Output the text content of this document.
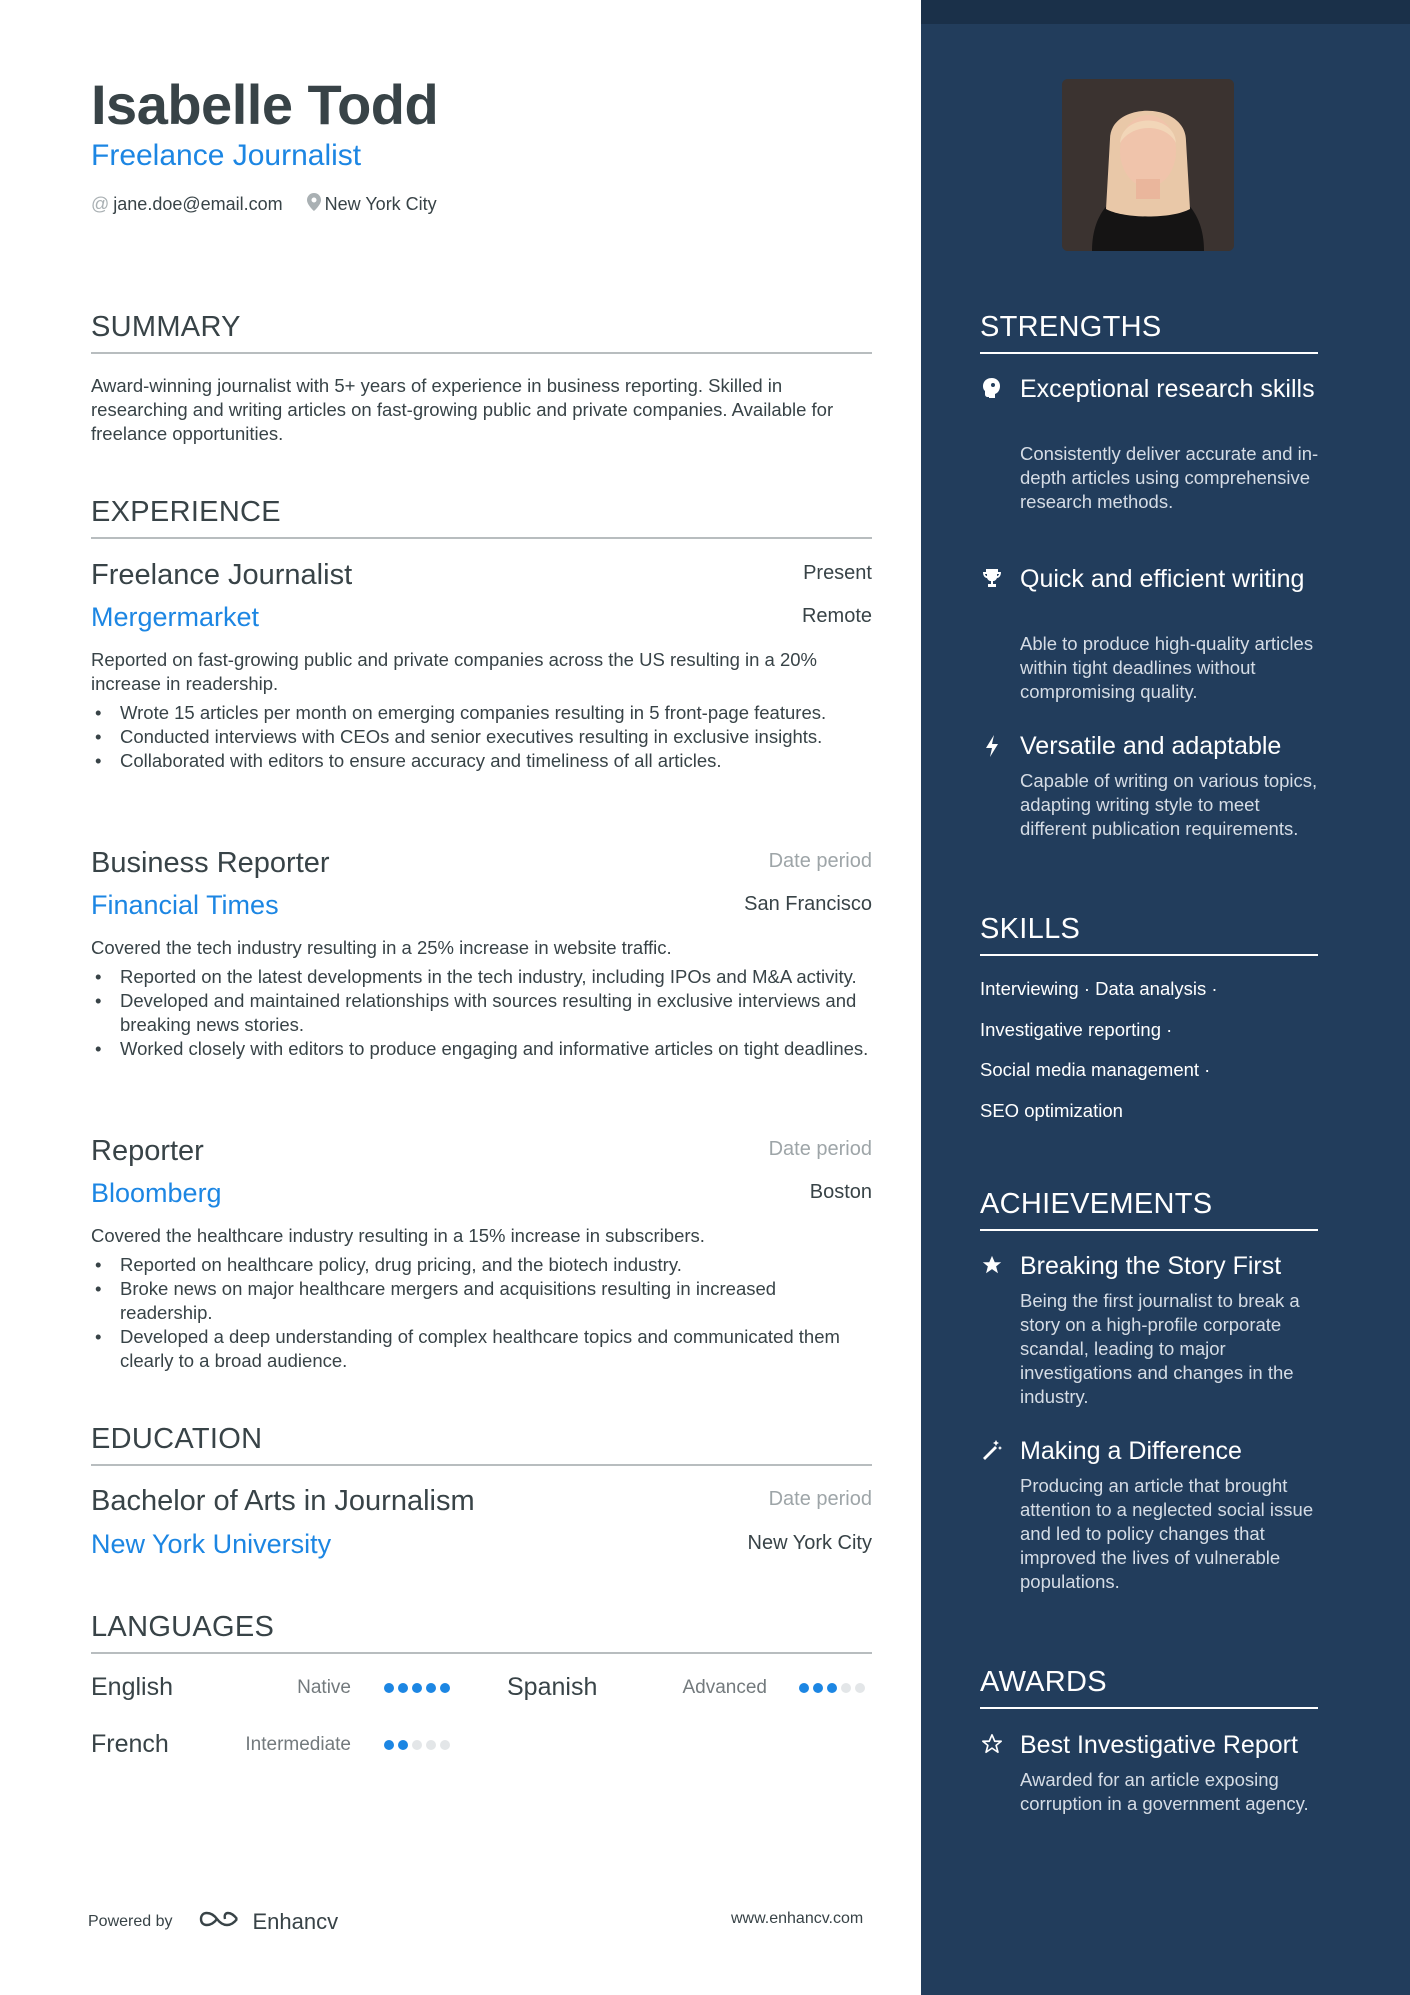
Isabelle Todd
Freelance Journalist
@ jane.doe@email.com New York City
SUMMARY
Award-winning journalist with 5+ years of experience in business reporting. Skilled in researching and writing articles on fast-growing public and private companies. Available for freelance opportunities.
EXPERIENCE
Freelance Journalist	Present
Mergermarket	Remote
Reported on fast-growing public and private companies across the US resulting in a 20% increase in readership.
• Wrote 15 articles per month on emerging companies resulting in 5 front-page features.
• Conducted interviews with CEOs and senior executives resulting in exclusive insights.
• Collaborated with editors to ensure accuracy and timeliness of all articles.
Business Reporter	Date period
Financial Times	San Francisco
Covered the tech industry resulting in a 25% increase in website traffic.
• Reported on the latest developments in the tech industry, including IPOs and M&A activity.
• Developed and maintained relationships with sources resulting in exclusive interviews and breaking news stories.
• Worked closely with editors to produce engaging and informative articles on tight deadlines.
Reporter	Date period
Bloomberg	Boston
Covered the healthcare industry resulting in a 15% increase in subscribers.
• Reported on healthcare policy, drug pricing, and the biotech industry.
• Broke news on major healthcare mergers and acquisitions resulting in increased readership.
• Developed a deep understanding of complex healthcare topics and communicated them clearly to a broad audience.
EDUCATION
Bachelor of Arts in Journalism	Date period
New York University	New York City
LANGUAGES
English	Native	Spanish	Advanced
French	Intermediate
Powered by	Enhancv	www.enhancv.com
STRENGTHS
Exceptional research skills
Consistently deliver accurate and in-depth articles using comprehensive research methods.
Quick and efficient writing
Able to produce high-quality articles within tight deadlines without compromising quality.
Versatile and adaptable
Capable of writing on various topics, adapting writing style to meet different publication requirements.
SKILLS
Interviewing · Data analysis ·
Investigative reporting ·
Social media management ·
SEO optimization
ACHIEVEMENTS
Breaking the Story First
Being the first journalist to break a story on a high-profile corporate scandal, leading to major investigations and changes in the industry.
Making a Difference
Producing an article that brought attention to a neglected social issue and led to policy changes that improved the lives of vulnerable populations.
AWARDS
Best Investigative Report
Awarded for an article exposing corruption in a government agency.
